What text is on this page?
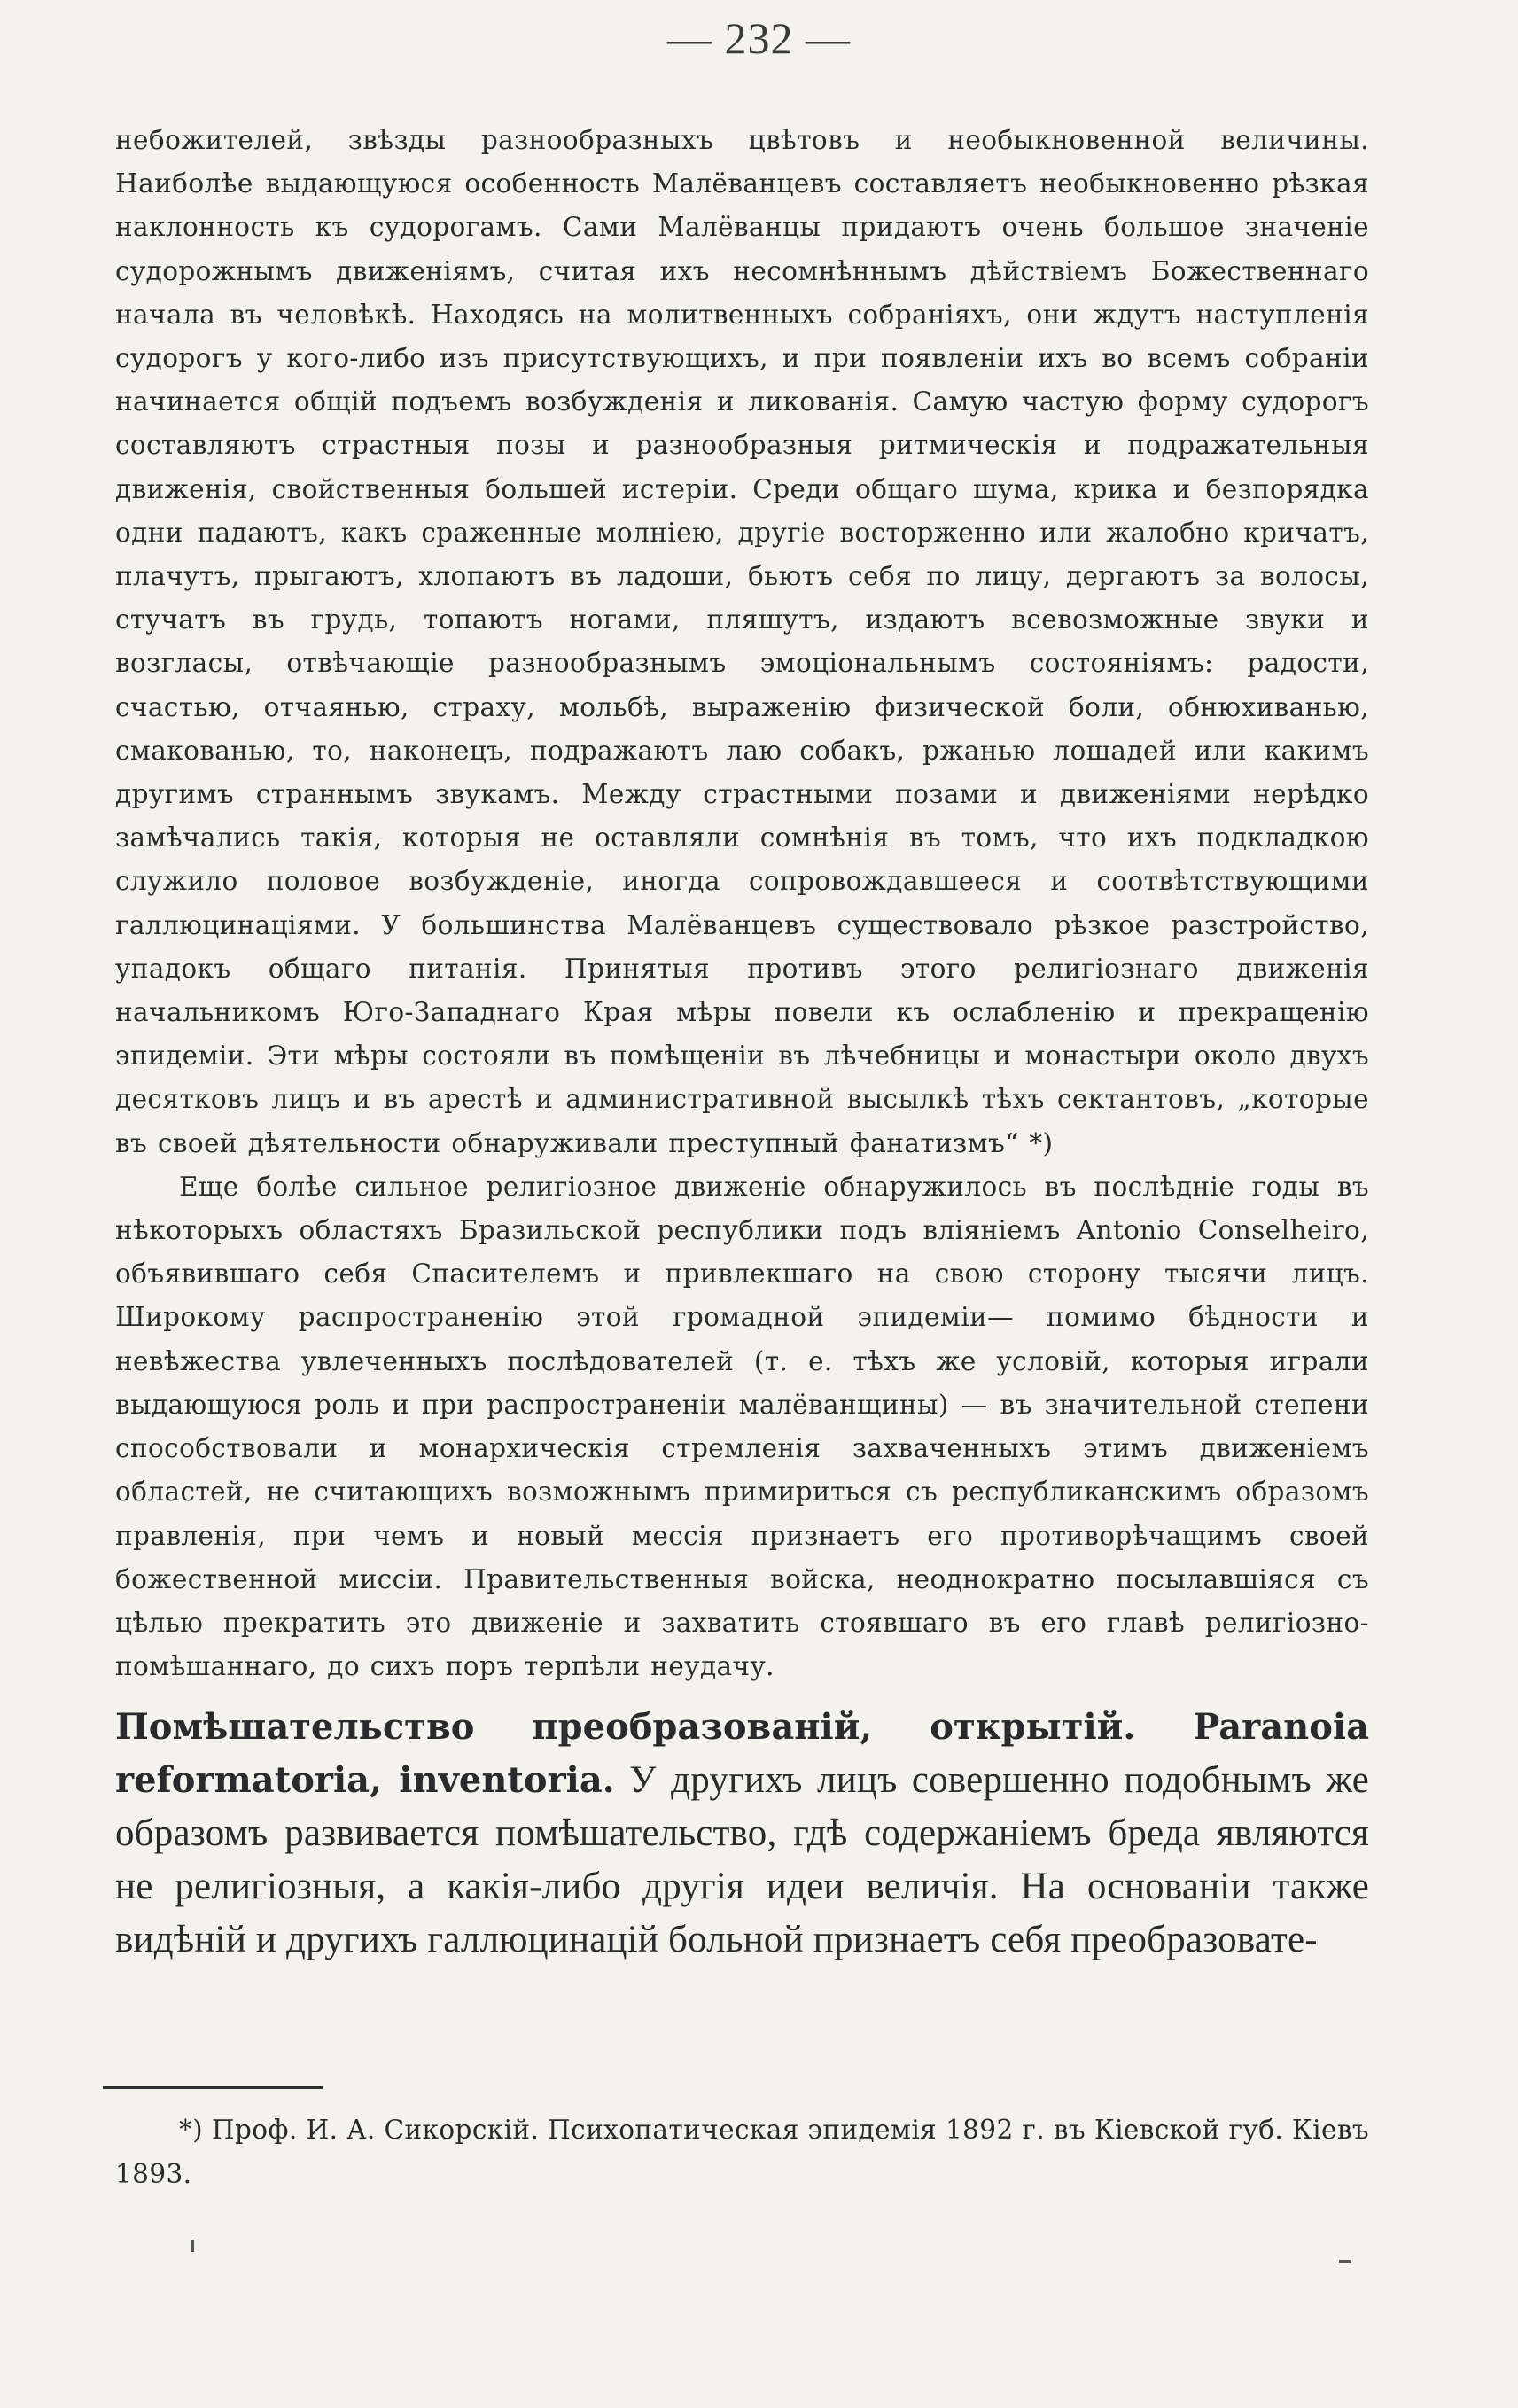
— 232 —

небожителей, звѣзды разнообразныхъ цвѣтовъ и необыкновенной величины. Наиболѣе выдающуюся особенность Малёванцевъ составляетъ необыкновенно рѣзкая наклонность къ судорогамъ. Сами Малёванцы придаютъ очень большое значенiе судорожнымъ движенiямъ, считая ихъ несомнѣннымъ дѣйствiемъ Божественнаго начала въ человѣкѣ. Находясь на молитвенныхъ собранiяхъ, они ждутъ наступленiя судорогъ у кого-либо изъ присутствующихъ, и при появленiи ихъ во всемъ собранiи начинается общiй подъемъ возбужденiя и ликованiя. Самую частую форму судорогъ составляютъ страстныя позы и разнообразныя ритмическiя и подражательныя движенiя, свойственныя большей истерiи. Среди общаго шума, крика и безпорядка одни падаютъ, какъ сраженные молнiею, другiе восторженно или жалобно кричатъ, плачутъ, прыгаютъ, хлопаютъ въ ладоши, бьютъ себя по лицу, дергаютъ за волосы, стучатъ въ грудь, топаютъ ногами, пляшутъ, издаютъ всевозможные звуки и возгласы, отвѣчающiе разнообразнымъ эмоцiональнымъ состоянiямъ: радости, счастью, отчаянью, страху, мольбѣ, выраженiю физической боли, обнюхиванью, смакованью, то, наконецъ, подражаютъ лаю собакъ, ржанью лошадей или какимъ другимъ страннымъ звукамъ. Между страстными позами и движенiями нерѣдко замѣчались такiя, которыя не оставляли сомнѣнiя въ томъ, что ихъ подкладкою служило половое возбужденiе, иногда сопровождавшееся и соотвѣтствующими галлюцинацiями. У большинства Малёванцевъ существовало рѣзкое разстройство, упадокъ общаго питанiя. Принятыя противъ этого религiознаго движенiя начальникомъ Юго-Западнаго Края мѣры повели къ ослабленiю и прекращенiю эпидемiи. Эти мѣры состояли въ помѣщенiи въ лѣчебницы и монастыри около двухъ десятковъ лицъ и въ арестѣ и административной высылкѣ тѣхъ сектантовъ, „которые въ своей дѣятельности обнаруживали преступный фанатизмъ“ *)

Еще болѣе сильное религiозное движенiе обнаружилось въ послѣднiе годы въ нѣкоторыхъ областяхъ Бразильской республики подъ влiянiемъ Antonio Conselheiro, объявившаго себя Спасителемъ и привлекшаго на свою сторону тысячи лицъ. Широкому распространенiю этой громадной эпидемiи— помимо бѣдности и невѣжества увлеченныхъ послѣдователей (т. е. тѣхъ же условiй, которыя играли выдающуюся роль и при распространенiи малёванщины) — въ значительной степени способствовали и монархическiя стремленiя захваченныхъ этимъ движенiемъ областей, не считающихъ возможнымъ примириться съ республиканскимъ образомъ правленiя, при чемъ и новый мессiя признаетъ его противорѣчащимъ своей божественной миссiи. Правительственныя войска, неоднократно посылавшiяся съ цѣлью прекратить это движенiе и захватить стоявшаго въ его главѣ религiозно-помѣшаннаго, до сихъ поръ терпѣли неудачу.

Помѣшательство преобразованiй, открытiй. Paranoia reformatoria, inventoria. У другихъ лицъ совершенно подобнымъ же образомъ развивается помѣшательство, гдѣ содержанiемъ бреда являются не религiозныя, а какiя-либо другiя идеи величiя. На основанiи также видѣнiй и другихъ галлюцинацiй больной признаетъ себя преобразовате-

*) Проф. И. А. Сикорскiй. Психопатическая эпидемiя 1892 г. въ Кiевской губ. Кiевъ 1893.
